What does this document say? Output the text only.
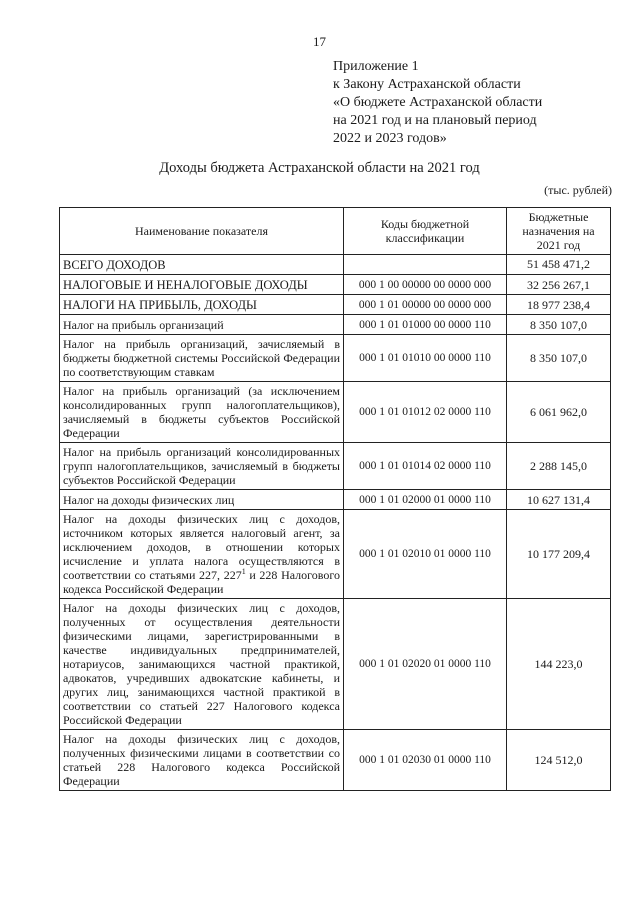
17
Приложение 1
к Закону Астраханской области
«О бюджете Астраханской области
на 2021 год и на плановый период
2022 и 2023 годов»
Доходы бюджета Астраханской области на 2021 год
(тыс. рублей)
Наименование показателя	Коды бюджетной классификации	Бюджетные назначения на 2021 год
ВСЕГО ДОХОДОВ		51 458 471,2
НАЛОГОВЫЕ И НЕНАЛОГОВЫЕ ДОХОДЫ	000 1 00 00000 00 0000 000	32 256 267,1
НАЛОГИ НА ПРИБЫЛЬ, ДОХОДЫ	000 1 01 00000 00 0000 000	18 977 238,4
Налог на прибыль организаций	000 1 01 01000 00 0000 110	8 350 107,0
Налог на прибыль организаций, зачисляемый в бюджеты бюджетной системы Российской Федерации по соответствующим ставкам	000 1 01 01010 00 0000 110	8 350 107,0
Налог на прибыль организаций (за исключением консолидированных групп налогоплательщиков), зачисляемый в бюджеты субъектов Российской Федерации	000 1 01 01012 02 0000 110	6 061 962,0
Налог на прибыль организаций консолидированных групп налогоплательщиков, зачисляемый в бюджеты субъектов Российской Федерации	000 1 01 01014 02 0000 110	2 288 145,0
Налог на доходы физических лиц	000 1 01 02000 01 0000 110	10 627 131,4
Налог на доходы физических лиц с доходов, источником которых является налоговый агент, за исключением доходов, в отношении которых исчисление и уплата налога осуществляются в соответствии со статьями 227, 227$^1$ и 228 Налогового кодекса Российской Федерации	000 1 01 02010 01 0000 110	10 177 209,4
Налог на доходы физических лиц с доходов, полученных от осуществления деятельности физическими лицами, зарегистрированными в качестве индивидуальных предпринимателей, нотариусов, занимающихся частной практикой, адвокатов, учредивших адвокатские кабинеты, и других лиц, занимающихся частной практикой в соответствии со статьей 227 Налогового кодекса Российской Федерации	000 1 01 02020 01 0000 110	144 223,0
Налог на доходы физических лиц с доходов, полученных физическими лицами в соответствии со статьей 228 Налогового кодекса Российской Федерации	000 1 01 02030 01 0000 110	124 512,0
